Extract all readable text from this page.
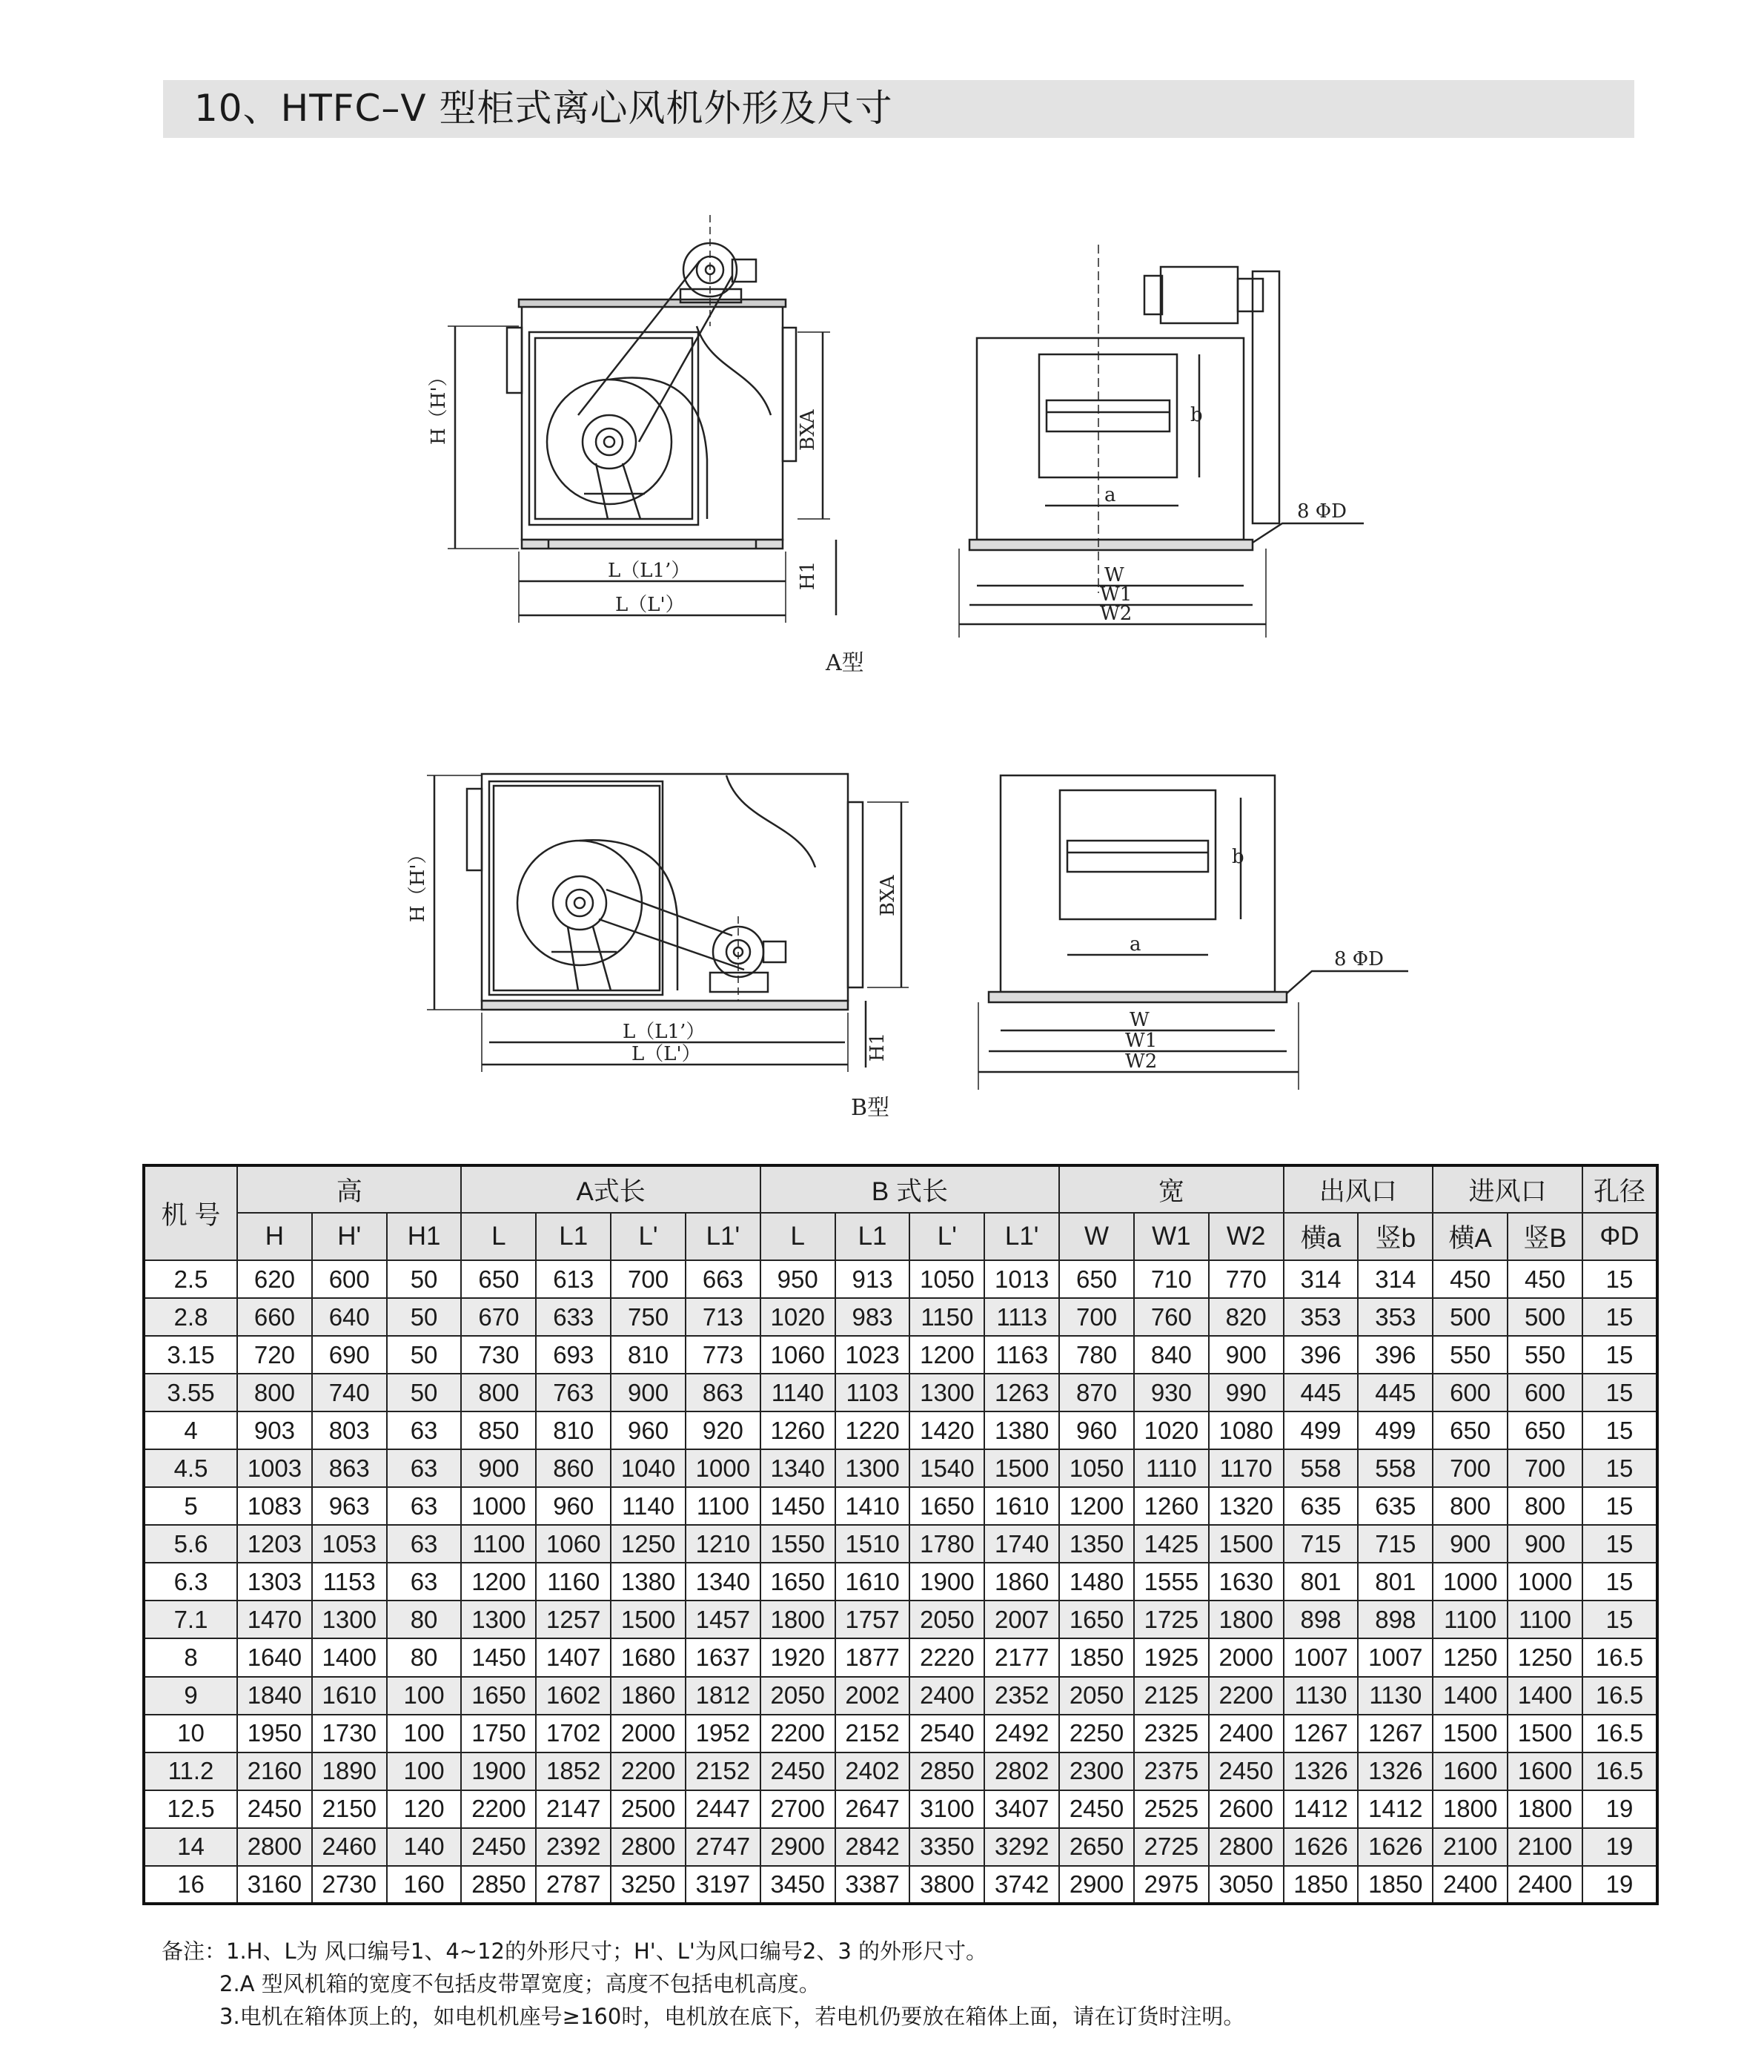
10、HTFC–V 型柜式离心风机外形及尺寸
H（H'）	BXA
L（L1’）
L（L'）
H1
b
a
8 ΦD
W
W1
W2
A型
H（H'）	BXA
L（L1’）
L（L'）	H1
b
a
8 ΦD
W
W1
W2
B型
机 号	高			A式长				B 式长				宽			出风口		进风口		孔径
	H	H'	H1	L	L1	L'	L1'	L	L1	L'	L1'	W	W1	W2	横a	竖b	横A	竖B	ΦD
2.5	620	600	50	650	613	700	663	950	913	1050	1013	650	710	770	314	314	450	450	15
2.8	660	640	50	670	633	750	713	1020	983	1150	1113	700	760	820	353	353	500	500	15
3.15	720	690	50	730	693	810	773	1060	1023	1200	1163	780	840	900	396	396	550	550	15
3.55	800	740	50	800	763	900	863	1140	1103	1300	1263	870	930	990	445	445	600	600	15
4	903	803	63	850	810	960	920	1260	1220	1420	1380	960	1020	1080	499	499	650	650	15
4.5	1003	863	63	900	860	1040	1000	1340	1300	1540	1500	1050	1110	1170	558	558	700	700	15
5	1083	963	63	1000	960	1140	1100	1450	1410	1650	1610	1200	1260	1320	635	635	800	800	15
5.6	1203	1053	63	1100	1060	1250	1210	1550	1510	1780	1740	1350	1425	1500	715	715	900	900	15
6.3	1303	1153	63	1200	1160	1380	1340	1650	1610	1900	1860	1480	1555	1630	801	801	1000	1000	15
7.1	1470	1300	80	1300	1257	1500	1457	1800	1757	2050	2007	1650	1725	1800	898	898	1100	1100	15
8	1640	1400	80	1450	1407	1680	1637	1920	1877	2220	2177	1850	1925	2000	1007	1007	1250	1250	16.5
9	1840	1610	100	1650	1602	1860	1812	2050	2002	2400	2352	2050	2125	2200	1130	1130	1400	1400	16.5
10	1950	1730	100	1750	1702	2000	1952	2200	2152	2540	2492	2250	2325	2400	1267	1267	1500	1500	16.5
11.2	2160	1890	100	1900	1852	2200	2152	2450	2402	2850	2802	2300	2375	2450	1326	1326	1600	1600	16.5
12.5	2450	2150	120	2200	2147	2500	2447	2700	2647	3100	3407	2450	2525	2600	1412	1412	1800	1800	19
14	2800	2460	140	2450	2392	2800	2747	2900	2842	3350	3292	2650	2725	2800	1626	1626	2100	2100	19
16	3160	2730	160	2850	2787	3250	3197	3450	3387	3800	3742	2900	2975	3050	1850	1850	2400	2400	19
备注：1.H、L为 风口编号1、4~12的外形尺寸；H'、L'为风口编号2、3 的外形尺寸。
2.A 型风机箱的宽度不包括皮带罩宽度；高度不包括电机高度。
3.电机在箱体顶上的，如电机机座号≥160时，电机放在底下，若电机仍要放在箱体上面，请在订货时注明。
